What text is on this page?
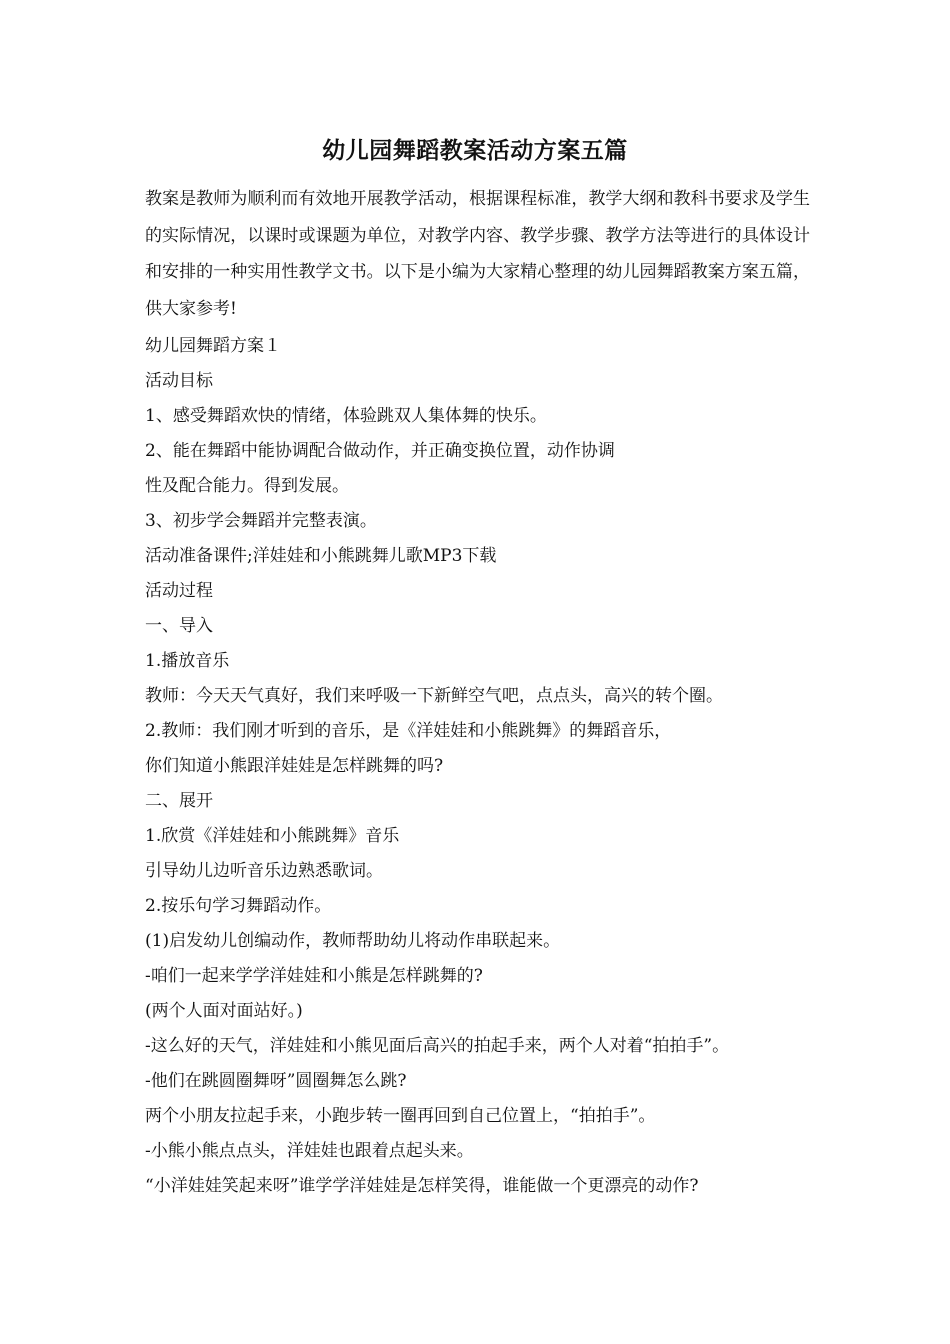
幼儿园舞蹈教案活动方案五篇

教案是教师为顺利而有效地开展教学活动，根据课程标准，教学大纲和教科书要求及学生的实际情况，以课时或课题为单位，对教学内容、教学步骤、教学方法等进行的具体设计和安排的一种实用性教学文书。以下是小编为大家精心整理的幼儿园舞蹈教案方案五篇，供大家参考!

幼儿园舞蹈方案１
活动目标
1、感受舞蹈欢快的情绪，体验跳双人集体舞的快乐。
2、能在舞蹈中能协调配合做动作，并正确变换位置，动作协调
性及配合能力。得到发展。
3、初步学会舞蹈并完整表演。
活动准备课件;洋娃娃和小熊跳舞儿歌MP3下载
活动过程
一、导入
1.播放音乐
教师：今天天气真好，我们来呼吸一下新鲜空气吧，点点头，高兴的转个圈。
2.教师：我们刚才听到的音乐，是《洋娃娃和小熊跳舞》的舞蹈音乐，
你们知道小熊跟洋娃娃是怎样跳舞的吗?
二、展开
1.欣赏《洋娃娃和小熊跳舞》音乐
引导幼儿边听音乐边熟悉歌词。
2.按乐句学习舞蹈动作。
(1)启发幼儿创编动作，教师帮助幼儿将动作串联起来。
-咱们一起来学学洋娃娃和小熊是怎样跳舞的?
(两个人面对面站好。)
-这么好的天气，洋娃娃和小熊见面后高兴的拍起手来，两个人对着“拍拍手”。
-他们在跳圆圈舞呀”圆圈舞怎么跳?
两个小朋友拉起手来，小跑步转一圈再回到自己位置上，“拍拍手”。
-小熊小熊点点头，洋娃娃也跟着点起头来。
“小洋娃娃笑起来呀”谁学学洋娃娃是怎样笑得，谁能做一个更漂亮的动作?
